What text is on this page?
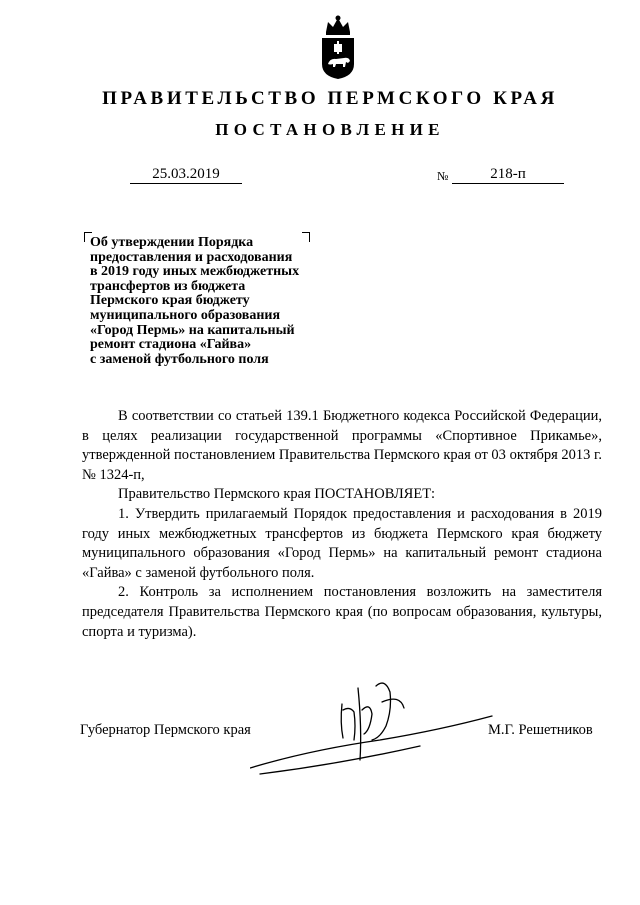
ПРАВИТЕЛЬСТВО ПЕРМСКОГО КРАЯ
ПОСТАНОВЛЕНИЕ
25.03.2019	№	218-п
Об утверждении Порядка
предоставления и расходования
в 2019 году иных межбюджетных
трансфертов из бюджета
Пермского края бюджету
муниципального образования
«Город Пермь» на капитальный
ремонт стадиона «Гайва»
с заменой футбольного поля

В соответствии со статьей 139.1 Бюджетного кодекса Российской Федерации, в целях реализации государственной программы «Спортивное Прикамье», утвержденной постановлением Правительства Пермского края от 03 октября 2013 г. № 1324-п,

Правительство Пермского края ПОСТАНОВЛЯЕТ:

1. Утвердить прилагаемый Порядок предоставления и расходования в 2019 году иных межбюджетных трансфертов из бюджета Пермского края бюджету муниципального образования «Город Пермь» на капитальный ремонт стадиона «Гайва» с заменой футбольного поля.

2. Контроль за исполнением постановления возложить на заместителя председателя Правительства Пермского края (по вопросам образования, культуры, спорта и туризма).

Губернатор Пермского края	М.Г. Решетников
